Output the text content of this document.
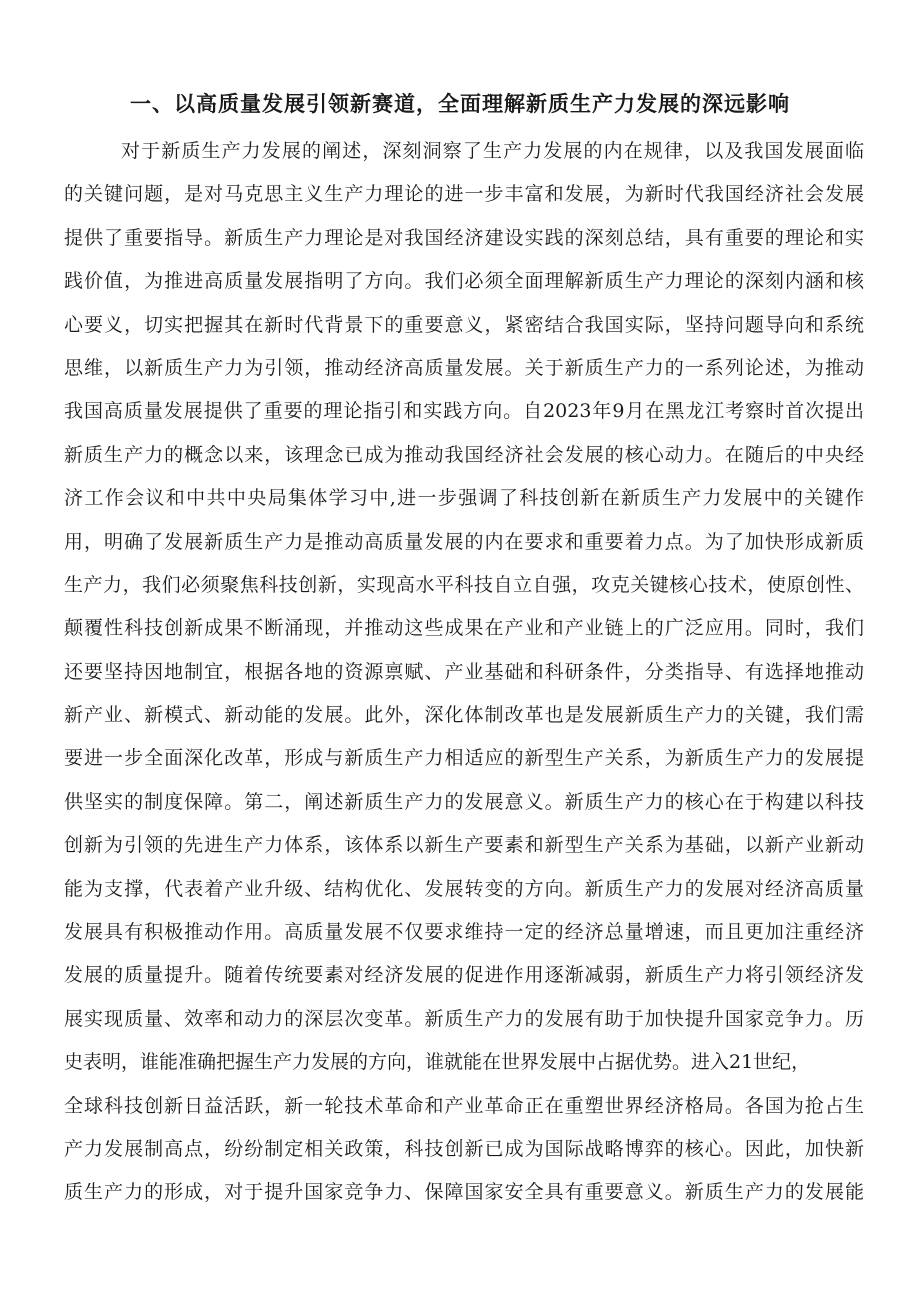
一、以高质量发展引领新赛道，全面理解新质生产力发展的深远影响
对于新质生产力发展的阐述，深刻洞察了生产力发展的内在规律，以及我国发展面临
的关键问题，是对马克思主义生产力理论的进一步丰富和发展，为新时代我国经济社会发展
提供了重要指导。新质生产力理论是对我国经济建设实践的深刻总结，具有重要的理论和实
践价值，为推进高质量发展指明了方向。我们必须全面理解新质生产力理论的深刻内涵和核
心要义，切实把握其在新时代背景下的重要意义，紧密结合我国实际，坚持问题导向和系统
思维，以新质生产力为引领，推动经济高质量发展。关于新质生产力的一系列论述，为推动
我国高质量发展提供了重要的理论指引和实践方向。自2023年9月在黑龙江考察时首次提出
新质生产力的概念以来，该理念已成为推动我国经济社会发展的核心动力。在随后的中央经
济工作会议和中共中央局集体学习中,进一步强调了科技创新在新质生产力发展中的关键作
用，明确了发展新质生产力是推动高质量发展的内在要求和重要着力点。为了加快形成新质
生产力，我们必须聚焦科技创新，实现高水平科技自立自强，攻克关键核心技术，使原创性、
颠覆性科技创新成果不断涌现，并推动这些成果在产业和产业链上的广泛应用。同时，我们
还要坚持因地制宜，根据各地的资源禀赋、产业基础和科研条件，分类指导、有选择地推动
新产业、新模式、新动能的发展。此外，深化体制改革也是发展新质生产力的关键，我们需
要进一步全面深化改革，形成与新质生产力相适应的新型生产关系，为新质生产力的发展提
供坚实的制度保障。第二，阐述新质生产力的发展意义。新质生产力的核心在于构建以科技
创新为引领的先进生产力体系，该体系以新生产要素和新型生产关系为基础，以新产业新动
能为支撑，代表着产业升级、结构优化、发展转变的方向。新质生产力的发展对经济高质量
发展具有积极推动作用。高质量发展不仅要求维持一定的经济总量增速，而且更加注重经济
发展的质量提升。随着传统要素对经济发展的促进作用逐渐减弱，新质生产力将引领经济发
展实现质量、效率和动力的深层次变革。新质生产力的发展有助于加快提升国家竞争力。历
史表明，谁能准确把握生产力发展的方向，谁就能在世界发展中占据优势。进入21世纪，
全球科技创新日益活跃，新一轮技术革命和产业革命正在重塑世界经济格局。各国为抢占生
产力发展制高点，纷纷制定相关政策，科技创新已成为国际战略博弈的核心。因此，加快新
质生产力的形成，对于提升国家竞争力、保障国家安全具有重要意义。新质生产力的发展能
